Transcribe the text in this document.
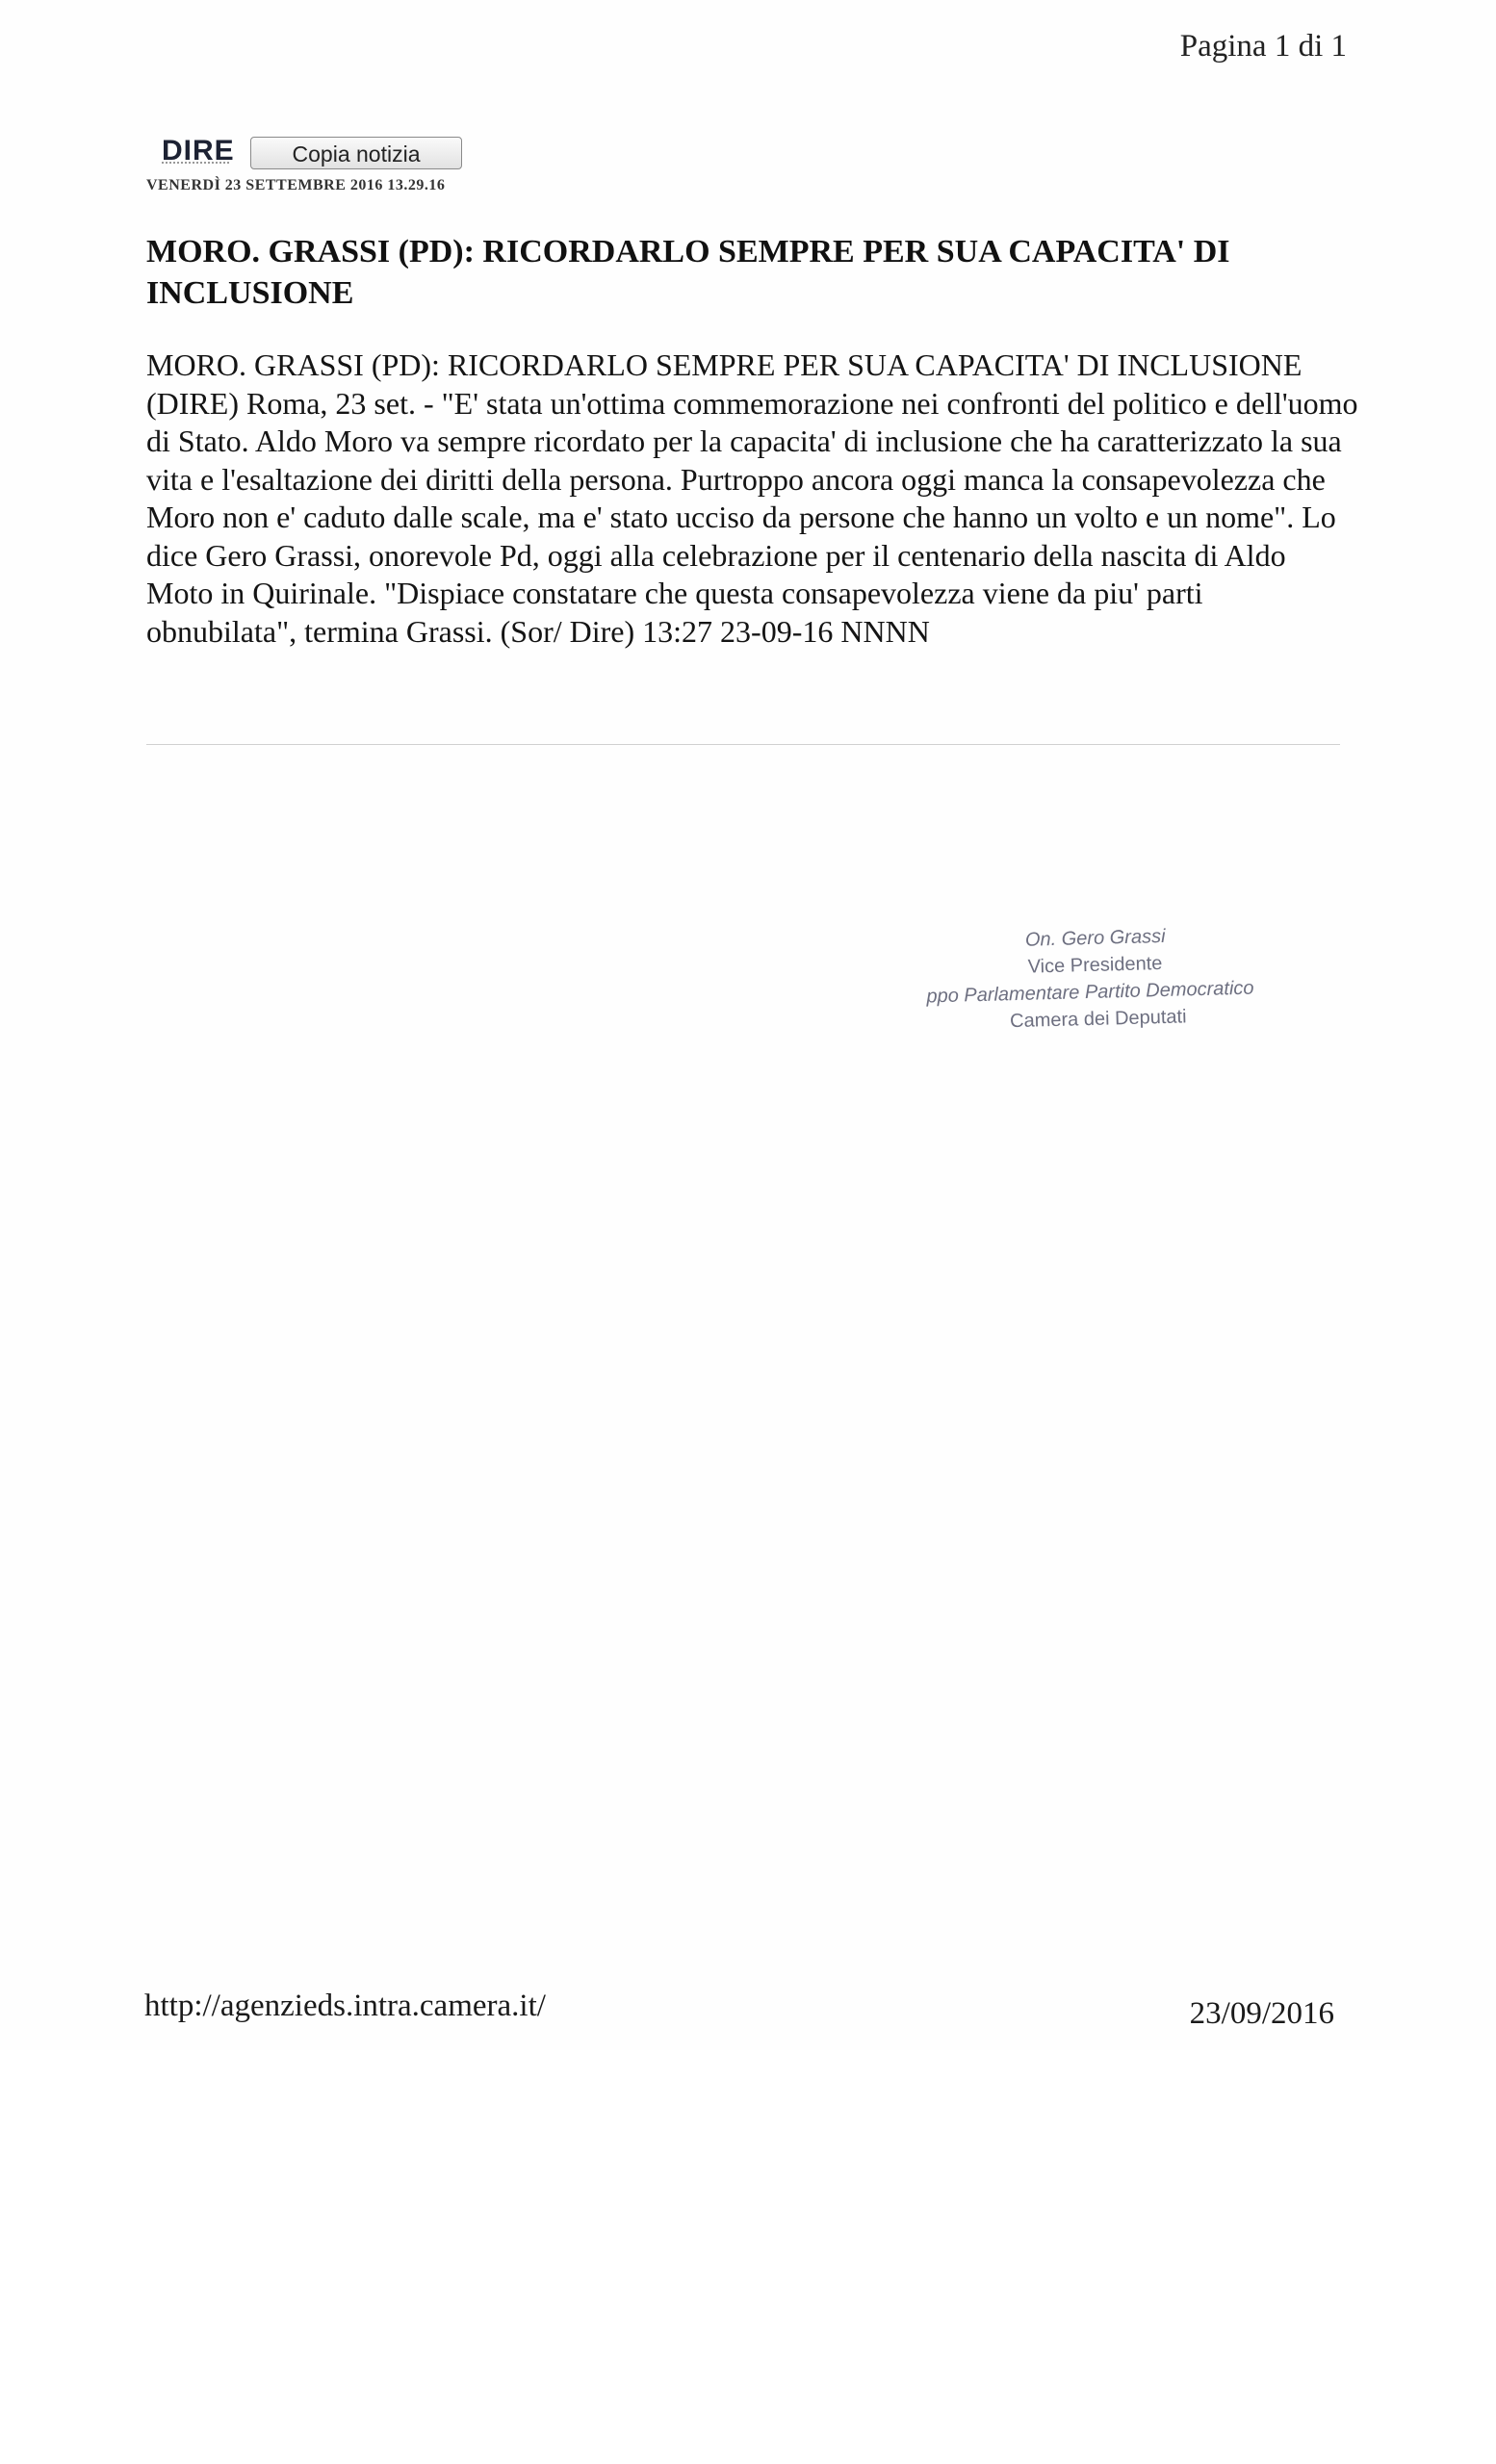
Pagina 1 di 1
DIRE	Copia notizia
VENERDÌ 23 SETTEMBRE 2016 13.29.16
MORO. GRASSI (PD): RICORDARLO SEMPRE PER SUA CAPACITA' DI INCLUSIONE
MORO. GRASSI (PD): RICORDARLO SEMPRE PER SUA CAPACITA' DI INCLUSIONE (DIRE) Roma, 23 set. - "E' stata un'ottima commemorazione nei confronti del politico e dell'uomo di Stato. Aldo Moro va sempre ricordato per la capacita' di inclusione che ha caratterizzato la sua vita e l'esaltazione dei diritti della persona. Purtroppo ancora oggi manca la consapevolezza che Moro non e' caduto dalle scale, ma e' stato ucciso da persone che hanno un volto e un nome". Lo dice Gero Grassi, onorevole Pd, oggi alla celebrazione per il centenario della nascita di Aldo Moto in Quirinale. "Dispiace constatare che questa consapevolezza viene da piu' parti obnubilata", termina Grassi. (Sor/ Dire) 13:27 23-09-16 NNNN
On. Gero Grassi
Vice Presidente
ppo Parlamentare Partito Democratico
Camera dei Deputati
http://agenzieds.intra.camera.it/	23/09/2016
